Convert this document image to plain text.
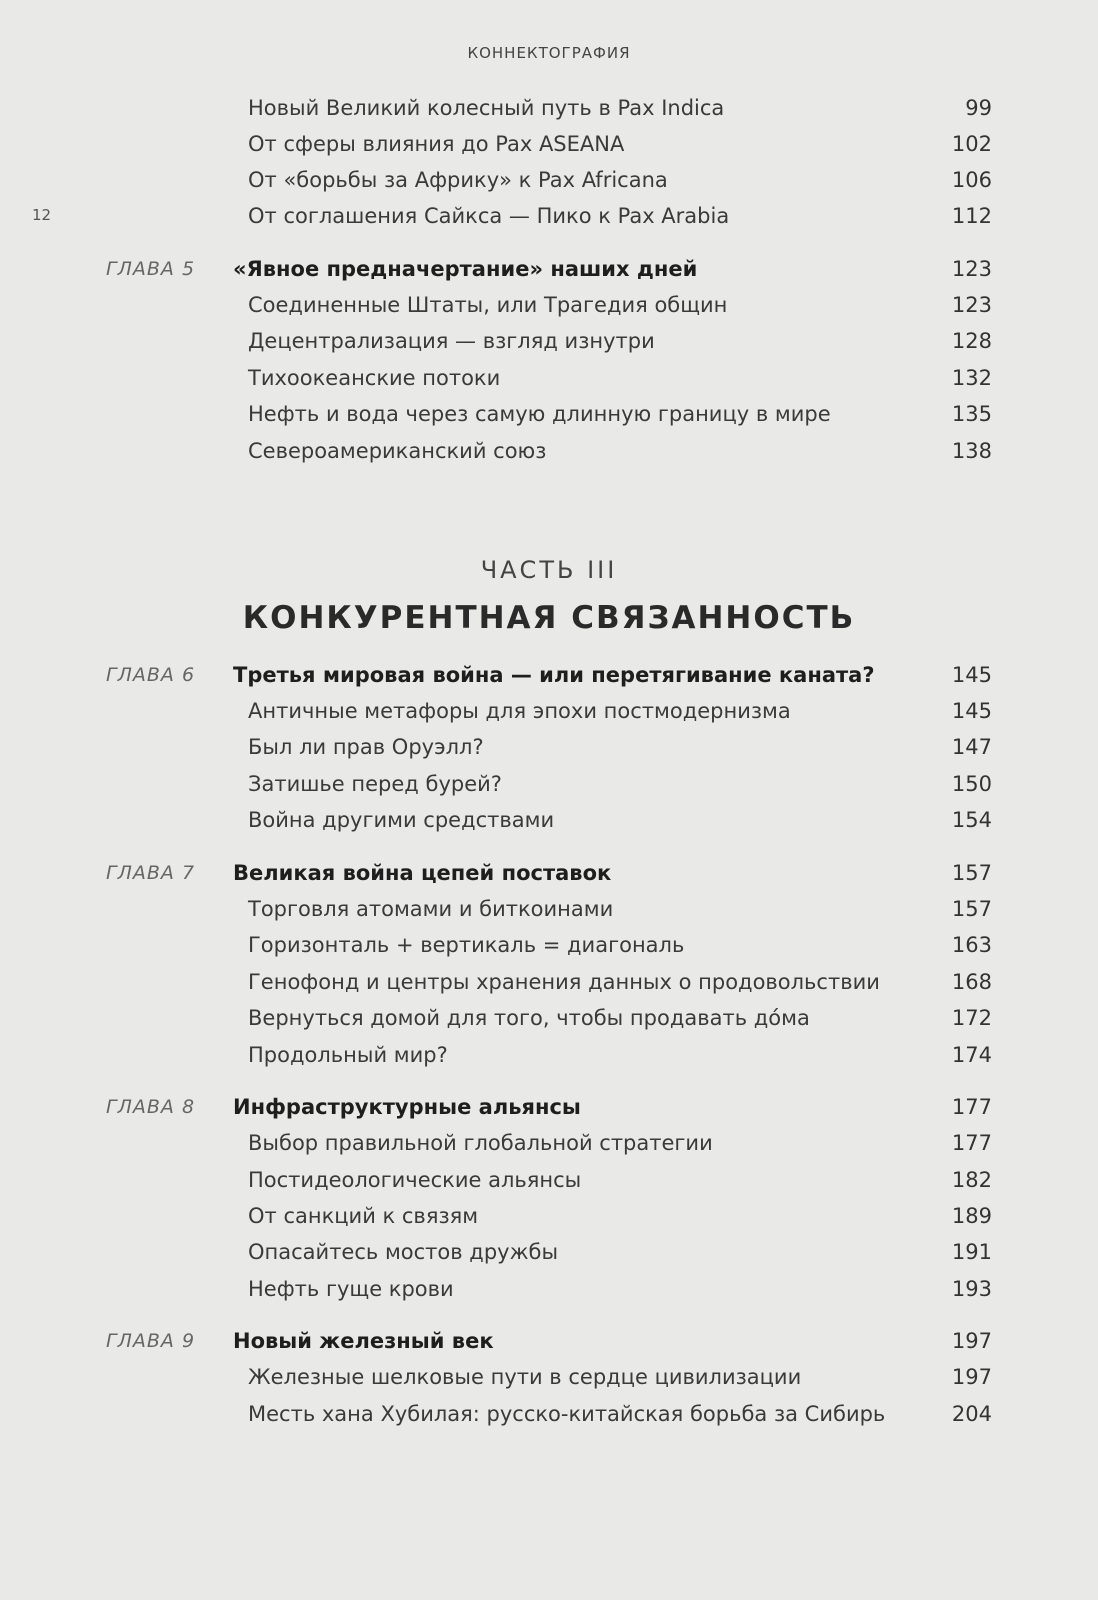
КОННЕКТОГРАФИЯ
12
Новый Великий колесный путь в Pax Indica	99
От сферы влияния до Pax ASEANA	102
От «борьбы за Африку» к Pax Africana	106
От соглашения Сайкса — Пико к Pax Arabia	112
ГЛАВА 5 «Явное предначертание» наших дней	123
Соединенные Штаты, или Трагедия общин	123
Децентрализация — взгляд изнутри	128
Тихоокеанские потоки	132
Нефть и вода через самую длинную границу в мире	135
Североамериканский союз	138
ЧАСТЬ III
КОНКУРЕНТНАЯ СВЯЗАННОСТЬ
ГЛАВА 6 Третья мировая война — или перетягивание каната?	145
Античные метафоры для эпохи постмодернизма	145
Был ли прав Оруэлл?	147
Затишье перед бурей?	150
Война другими средствами	154
ГЛАВА 7 Великая война цепей поставок	157
Торговля атомами и биткоинами	157
Горизонталь + вертикаль = диагональ	163
Генофонд и центры хранения данных о продовольствии	168
Вернуться домой для того, чтобы продавать до́ма	172
Продольный мир?	174
ГЛАВА 8 Инфраструктурные альянсы	177
Выбор правильной глобальной стратегии	177
Постидеологические альянсы	182
От санкций к связям	189
Опасайтесь мостов дружбы	191
Нефть гуще крови	193
ГЛАВА 9 Новый железный век	197
Железные шелковые пути в сердце цивилизации	197
Месть хана Хубилая: русско-китайская борьба за Сибирь	204
